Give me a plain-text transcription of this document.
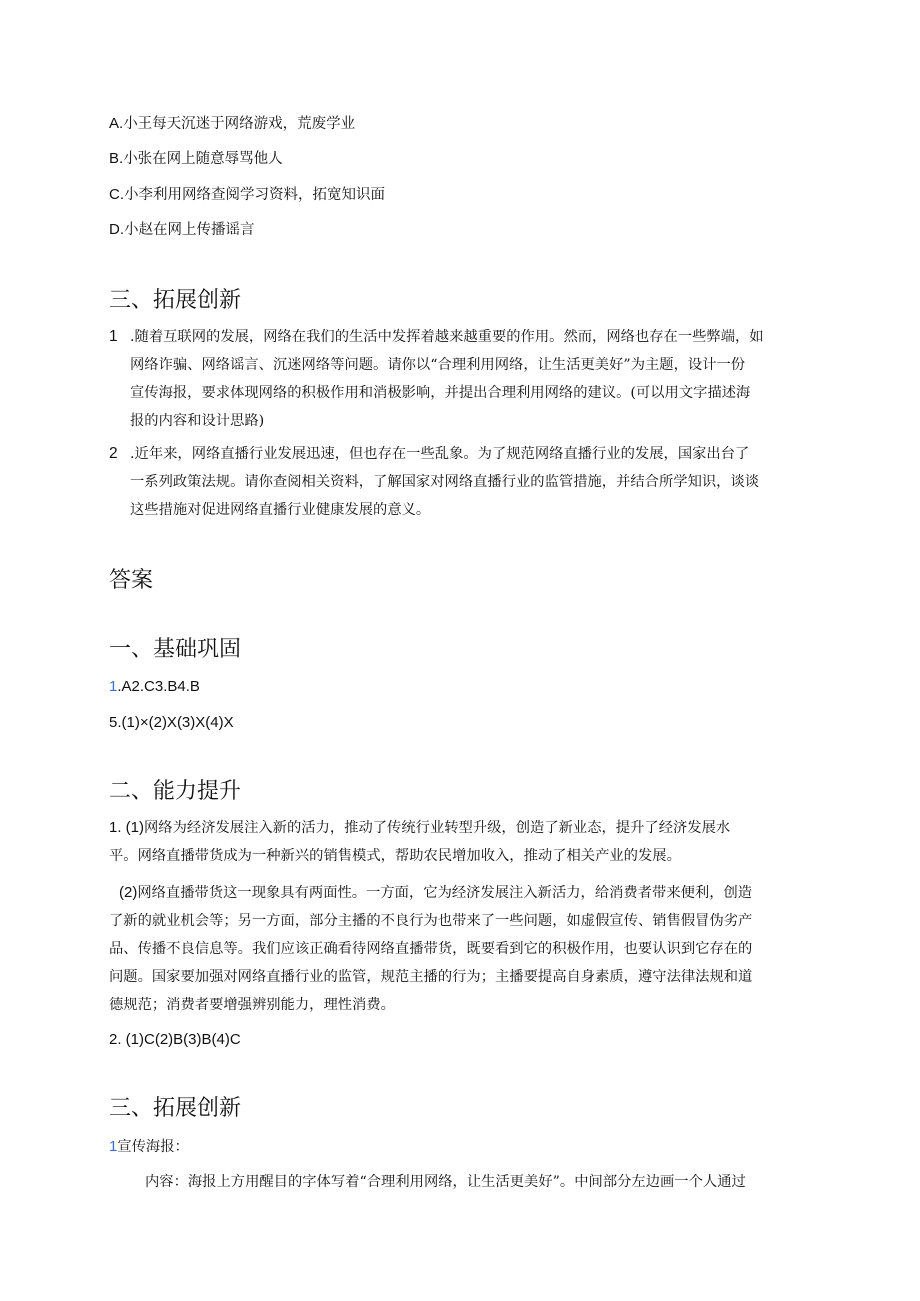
A.小王每天沉迷于网络游戏，荒废学业
B.小张在网上随意辱骂他人
C.小李利用网络查阅学习资料，拓宽知识面
D.小赵在网上传播谣言
三、拓展创新
1 .随着互联网的发展，网络在我们的生活中发挥着越来越重要的作用。然而，网络也存在一些弊端，如
网络诈骗、网络谣言、沉迷网络等问题。请你以“合理利用网络，让生活更美好”为主题，设计一份
宣传海报，要求体现网络的积极作用和消极影响，并提出合理利用网络的建议。(可以用文字描述海
报的内容和设计思路)
2 .近年来，网络直播行业发展迅速，但也存在一些乱象。为了规范网络直播行业的发展，国家出台了
一系列政策法规。请你查阅相关资料，了解国家对网络直播行业的监管措施，并结合所学知识，谈谈
这些措施对促进网络直播行业健康发展的意义。
答案
一、基础巩固
1.A2.C3.B4.B
5.(1)×(2)X(3)X(4)X
二、能力提升
1. (1)网络为经济发展注入新的活力，推动了传统行业转型升级，创造了新业态，提升了经济发展水
平。网络直播带货成为一种新兴的销售模式，帮助农民增加收入，推动了相关产业的发展。
(2)网络直播带货这一现象具有两面性。一方面，它为经济发展注入新活力，给消费者带来便利，创造
了新的就业机会等；另一方面，部分主播的不良行为也带来了一些问题，如虚假宣传、销售假冒伪劣产
品、传播不良信息等。我们应该正确看待网络直播带货，既要看到它的积极作用，也要认识到它存在的
问题。国家要加强对网络直播行业的监管，规范主播的行为；主播要提高自身素质，遵守法律法规和道
德规范；消费者要增强辨别能力，理性消费。
2. (1)C(2)B(3)B(4)C
三、拓展创新
1宣传海报：
内容：海报上方用醒目的字体写着“合理利用网络，让生活更美好”。中间部分左边画一个人通过
